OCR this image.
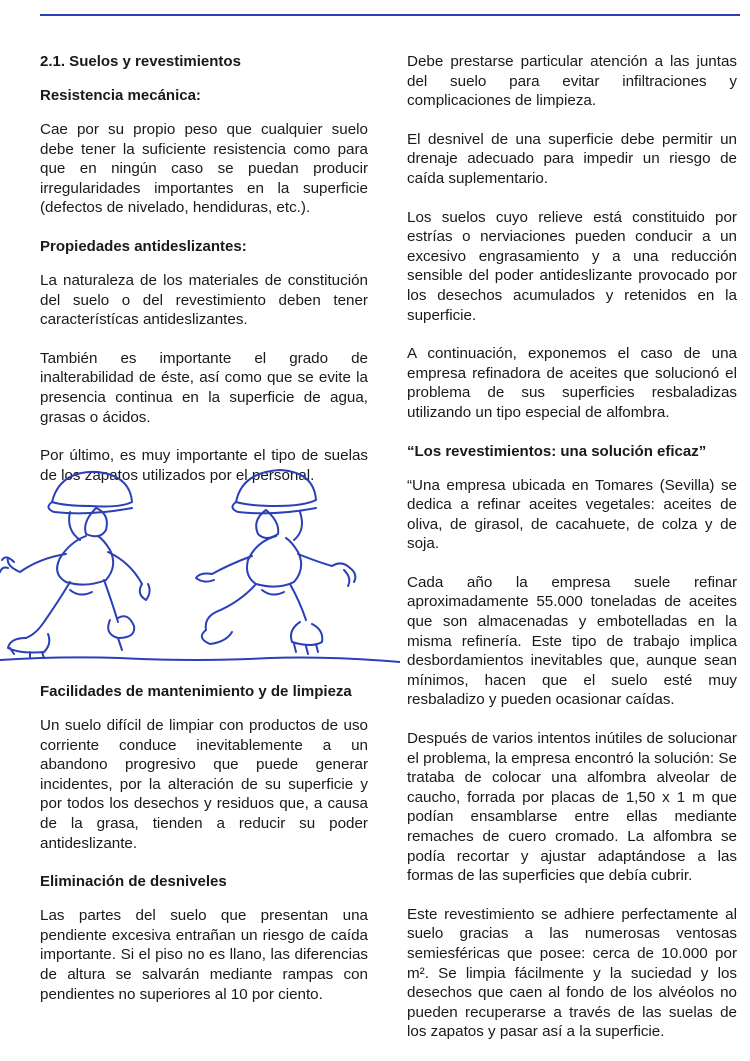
2.1. Suelos y revestimientos
Resistencia mecánica:

Cae por su propio peso que cualquier suelo debe tener la suficiente resistencia como para que en ningún caso se puedan producir irregularidades importantes en la superficie (defectos de nivelado, hendiduras, etc.).

Propiedades antideslizantes:

La naturaleza de los materiales de constitución del suelo o del revestimiento deben tener característícas antideslizantes.

También es importante el grado de inalterabilidad de éste, así como que se evite la presencia continua en la superficie de agua, grasas o ácidos.

Por último, es muy importante el tipo de suelas de los zapatos utilizados por el personal.

Facilidades de mantenimiento y de limpieza

Un suelo difícil de limpiar con productos de uso corriente conduce inevitablemente a un abandono progresivo que puede generar incidentes, por la alteración de su superficie y por todos los desechos y residuos que, a causa de la grasa, tienden a reducir su poder antideslizante.

Eliminación de desniveles

Las partes del suelo que presentan una pendiente excesiva entrañan un riesgo de caída importante. Si el piso no es llano, las diferencias de altura se salvarán mediante rampas con pendientes no superiores al 10 por ciento.

Debe prestarse particular atención a las juntas del suelo para evitar infiltraciones y complicaciones de limpieza.

El desnivel de una superficie debe permitir un drenaje adecuado para impedir un riesgo de caída suplementario.

Los suelos cuyo relieve está constituido por estrías o nerviaciones pueden conducir a un excesivo engrasamiento y a una reducción sensible del poder antideslizante provocado por los desechos acumulados y retenidos en la superficie.

A continuación, exponemos el caso de una empresa refinadora de aceites que solucionó el problema de sus superficies resbaladizas utilizando un tipo especial de alfombra.

“Los revestimientos: una solución eficaz”

“Una empresa ubicada en Tomares (Sevilla) se dedica a refinar aceites vegetales: aceites de oliva, de girasol, de cacahuete, de colza y de soja.

Cada año la empresa suele refinar aproximadamente 55.000 toneladas de aceites que son almacenadas y embotelladas en la misma refinería. Este tipo de trabajo implica desbordamientos inevitables que, aunque sean mínimos, hacen que el suelo esté muy resbaladizo y pueden ocasionar caídas.

Después de varios intentos inútiles de solucionar el problema, la empresa encontró la solución: Se trataba de colocar una alfombra alveolar de caucho, forrada por placas de 1,50 x 1 m que podían ensamblarse entre ellas mediante remaches de cuero cromado. La alfombra se podía recortar y ajustar adaptándose a las formas de las superficies que debía cubrir.

Este revestimiento se adhiere perfectamente al suelo gracias a las numerosas ventosas semiesféricas que posee: cerca de 10.000 por m². Se limpia fácilmente y la suciedad y los desechos que caen al fondo de los alvéolos no pueden recuperarse a través de las suelas de los zapatos y pasar así a la superficie.
